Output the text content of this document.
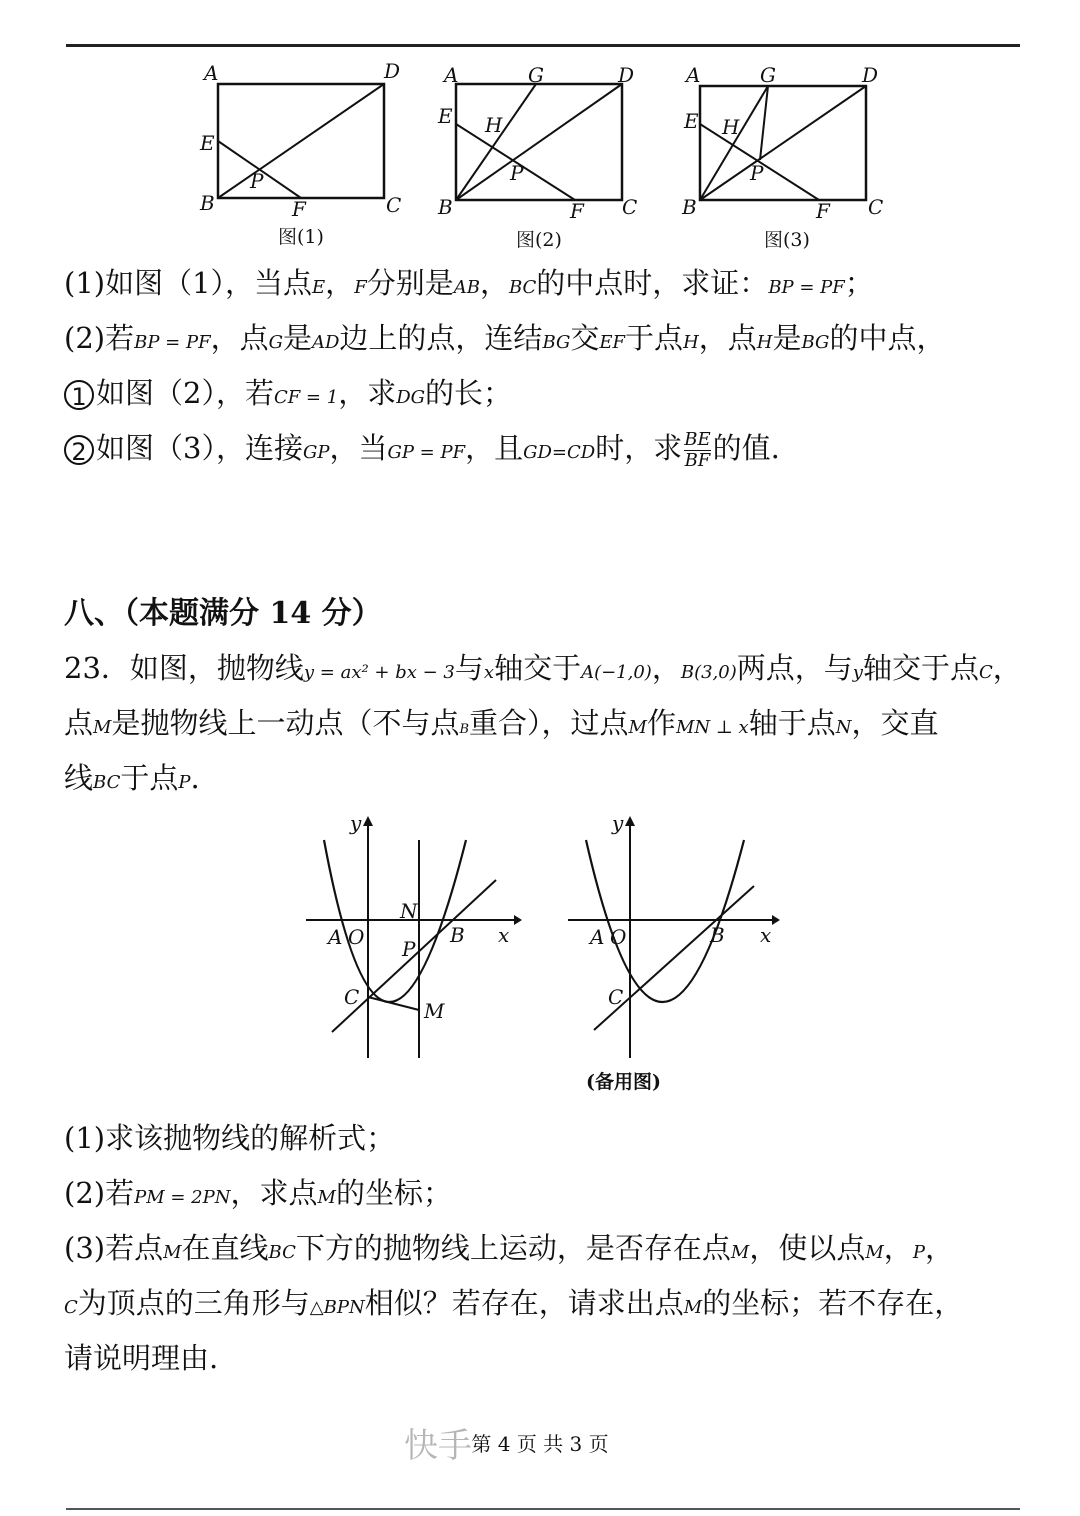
A	D
E
B
P
F	C
图(1)
A	G	D
E H
P
B	F C
图(2)
A	G	D
E H
P
B	F C
图(3)
(1)如图（1），当点E，F分别是AB，BC的中点时，求证：BP = PF；
(2)若BP = PF，点G是AD边上的点，连结BG交EF于点H，点H是BG的中点，
1 如图（2），若CF = 1，求DG的长；
2 如图（3），连接GP，当GP = PF，且GD=CD时，求 $\frac{BE}{BF}$ 的值.
八、（本题满分 14 分）
23．如图，抛物线y = ax² + bx − 3与x轴交于A(−1,0)，B(3,0)两点，与y轴交于点C，
点M是抛物线上一动点（不与点B重合），过点M作MN ⊥ x轴于点N，交直
线BC于点P.
y
x
A O
N
B
P
C
M
y
x
A O	B
C
(备用图)
(1)求该抛物线的解析式；
(2)若PM = 2PN，求点M的坐标；
(3)若点M在直线BC下方的抛物线上运动，是否存在点M，使以点M，P，
C为顶点的三角形与△BPN相似？若存在，请求出点M的坐标；若不存在，
请说明理由.
第 4 页 共 3 页
快手
